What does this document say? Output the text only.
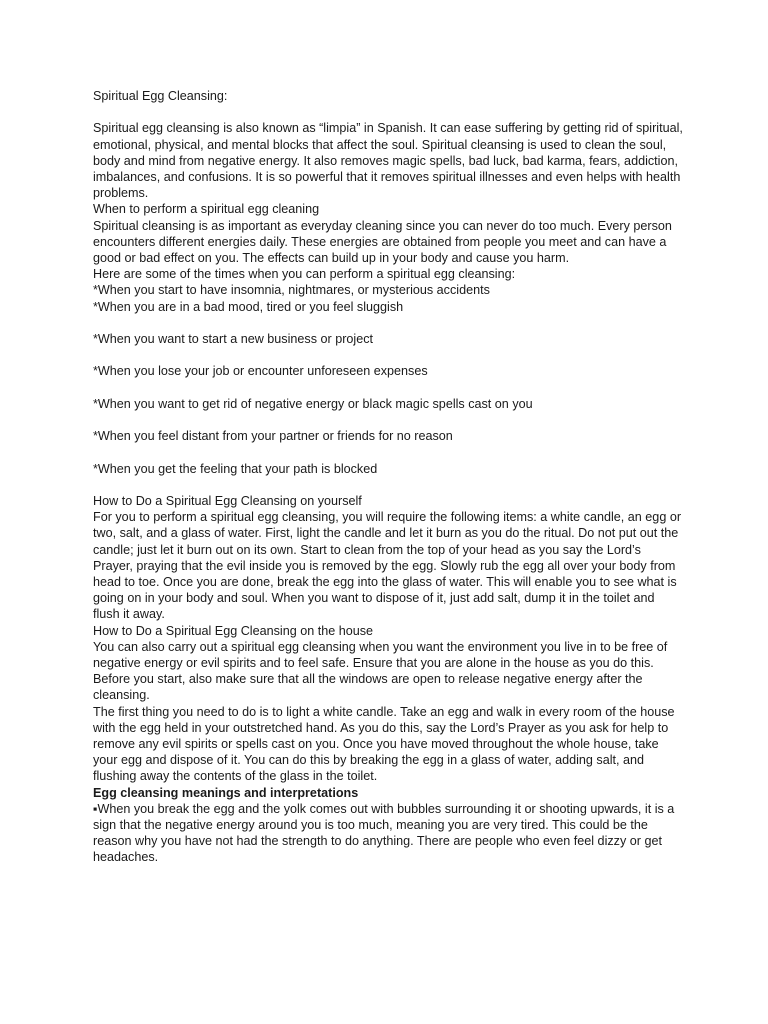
Spiritual Egg Cleansing:

Spiritual egg cleansing is also known as “limpia” in Spanish. It can ease suffering by getting rid of spiritual, emotional, physical, and mental blocks that affect the soul. Spiritual cleansing is used to clean the soul, body and mind from negative energy. It also removes magic spells, bad luck, bad karma, fears, addiction, imbalances, and confusions. It is so powerful that it removes spiritual illnesses and even helps with health problems.

When to perform a spiritual egg cleaning

Spiritual cleansing is as important as everyday cleaning since you can never do too much. Every person encounters different energies daily. These energies are obtained from people you meet and can have a good or bad effect on you. The effects can build up in your body and cause you harm.

Here are some of the times when you can perform a spiritual egg cleansing:

*When you start to have insomnia, nightmares, or mysterious accidents

*When you are in a bad mood, tired or you feel sluggish

*When you want to start a new business or project

*When you lose your job or encounter unforeseen expenses

*When you want to get rid of negative energy or black magic spells cast on you

*When you feel distant from your partner or friends for no reason

*When you get the feeling that your path is blocked

How to Do a Spiritual Egg Cleansing on yourself

For you to perform a spiritual egg cleansing, you will require the following items: a white candle, an egg or two, salt, and a glass of water. First, light the candle and let it burn as you do the ritual. Do not put out the candle; just let it burn out on its own. Start to clean from the top of your head as you say the Lord’s Prayer, praying that the evil inside you is removed by the egg. Slowly rub the egg all over your body from head to toe. Once you are done, break the egg into the glass of water. This will enable you to see what is going on in your body and soul. When you want to dispose of it, just add salt, dump it in the toilet and flush it away.

How to Do a Spiritual Egg Cleansing on the house

You can also carry out a spiritual egg cleansing when you want the environment you live in to be free of negative energy or evil spirits and to feel safe. Ensure that you are alone in the house as you do this. Before you start, also make sure that all the windows are open to release negative energy after the cleansing.

The first thing you need to do is to light a white candle. Take an egg and walk in every room of the house with the egg held in your outstretched hand. As you do this, say the Lord’s Prayer as you ask for help to remove any evil spirits or spells cast on you. Once you have moved throughout the whole house, take your egg and dispose of it. You can do this by breaking the egg in a glass of water, adding salt, and flushing away the contents of the glass in the toilet.

Egg cleansing meanings and interpretations

▪When you break the egg and the yolk comes out with bubbles surrounding it or shooting upwards, it is a sign that the negative energy around you is too much, meaning you are very tired. This could be the reason why you have not had the strength to do anything. There are people who even feel dizzy or get headaches.
